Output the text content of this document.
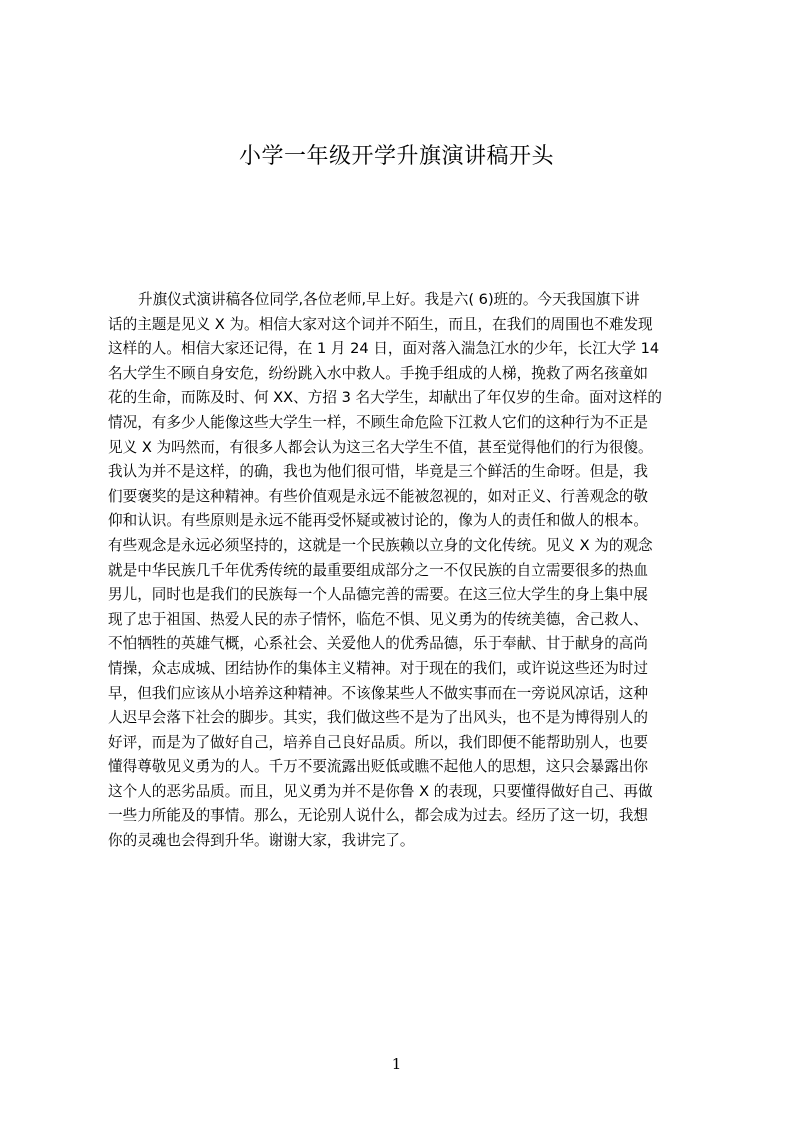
小学一年级开学升旗演讲稿开头
升旗仪式演讲稿各位同学,各位老师,早上好。我是六( 6)班的。今天我国旗下讲
话的主题是见义 X 为。相信大家对这个词并不陌生，而且，在我们的周围也不难发现
这样的人。相信大家还记得，在 1 月 24 日，面对落入湍急江水的少年，长江大学 14
名大学生不顾自身安危，纷纷跳入水中救人。手挽手组成的人梯，挽救了两名孩童如
花的生命，而陈及时、何 XX、方招 3 名大学生，却献出了年仅岁的生命。面对这样的
情况，有多少人能像这些大学生一样，不顾生命危险下江救人它们的这种行为不正是
见义 X 为吗然而，有很多人都会认为这三名大学生不值，甚至觉得他们的行为很傻。
我认为并不是这样，的确，我也为他们很可惜，毕竟是三个鲜活的生命呀。但是，我
们要褒奖的是这种精神。有些价值观是永远不能被忽视的，如对正义、行善观念的敬
仰和认识。有些原则是永远不能再受怀疑或被讨论的，像为人的责任和做人的根本。
有些观念是永远必须坚持的，这就是一个民族赖以立身的文化传统。见义 X 为的观念
就是中华民族几千年优秀传统的最重要组成部分之一不仅民族的自立需要很多的热血
男儿，同时也是我们的民族每一个人品德完善的需要。在这三位大学生的身上集中展
现了忠于祖国、热爱人民的赤子情怀，临危不惧、见义勇为的传统美德，舍己救人、
不怕牺牲的英雄气概，心系社会、关爱他人的优秀品德，乐于奉献、甘于献身的高尚
情操，众志成城、团结协作的集体主义精神。对于现在的我们，或许说这些还为时过
早，但我们应该从小培养这种精神。不该像某些人不做实事而在一旁说风凉话，这种
人迟早会落下社会的脚步。其实，我们做这些不是为了出风头，也不是为博得别人的
好评，而是为了做好自己，培养自己良好品质。所以，我们即便不能帮助别人，也要
懂得尊敬见义勇为的人。千万不要流露出贬低或瞧不起他人的思想，这只会暴露出你
这个人的恶劣品质。而且，见义勇为并不是你鲁 X 的表现，只要懂得做好自己、再做
一些力所能及的事情。那么，无论别人说什么，都会成为过去。经历了这一切，我想
你的灵魂也会得到升华。谢谢大家，我讲完了。
1
